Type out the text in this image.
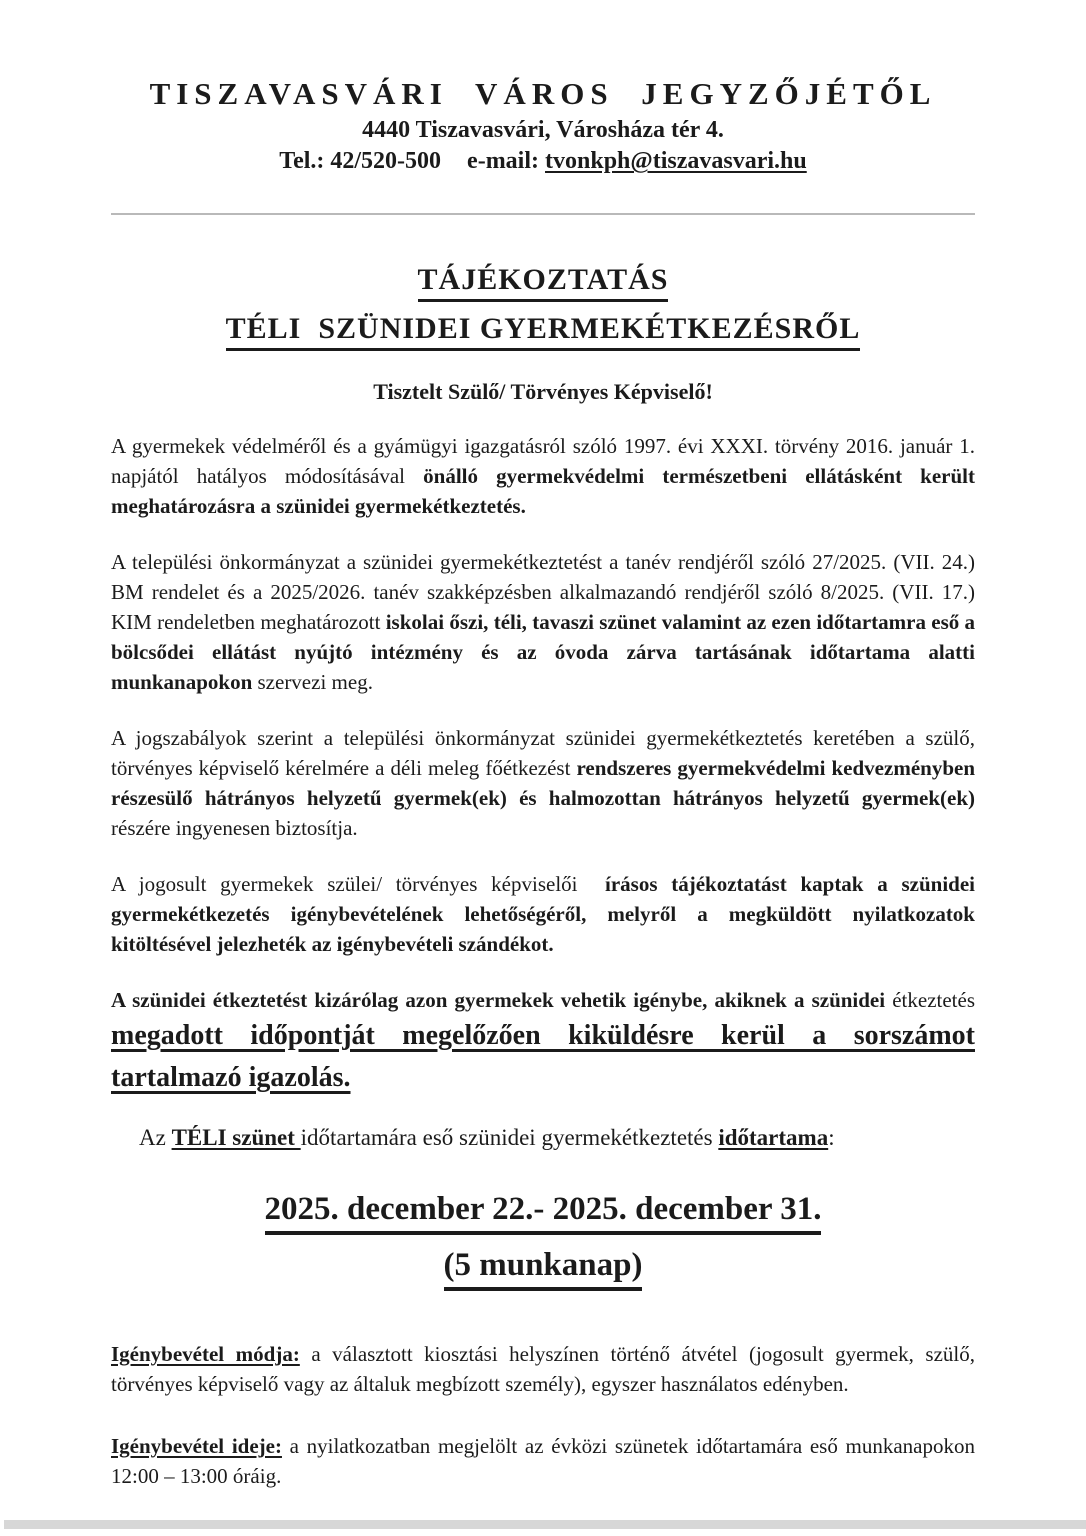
TISZAVASVÁRI VÁROS JEGYZŐJÉTŐL
4440 Tiszavasvári, Városháza tér 4.
Tel.: 42/520-500 e-mail: tvonkph@tiszavasvari.hu
TÁJÉKOZTATÁS
TÉLI  SZÜNIDEI GYERMEKÉTKEZÉSRŐL
Tisztelt Szülő/ Törvényes Képviselő!

A gyermekek védelméről és a gyámügyi igazgatásról szóló 1997. évi XXXI. törvény 2016. január 1. napjától hatályos módosításával önálló gyermekvédelmi természetbeni ellátásként került meghatározásra a szünidei gyermekétkeztetés.

A települési önkormányzat a szünidei gyermekétkeztetést a tanév rendjéről szóló 27/2025. (VII. 24.) BM rendelet és a 2025/2026. tanév szakképzésben alkalmazandó rendjéről szóló 8/2025. (VII. 17.) KIM rendeletben meghatározott iskolai őszi, téli, tavaszi szünet valamint az ezen időtartamra eső a bölcsődei ellátást nyújtó intézmény és az óvoda zárva tartásának időtartama alatti munkanapokon szervezi meg.

A jogszabályok szerint a települési önkormányzat szünidei gyermekétkeztetés keretében a szülő, törvényes képviselő kérelmére a déli meleg főétkezést rendszeres gyermekvédelmi kedvezményben részesülő hátrányos helyzetű gyermek(ek) és halmozottan hátrányos helyzetű gyermek(ek) részére ingyenesen biztosítja.

A jogosult gyermekek szülei/ törvényes képviselői  írásos tájékoztatást kaptak a szünidei gyermekétkezetés igénybevételének lehetőségéről, melyről a megküldött nyilatkozatok kitöltésével jelezheték az igénybevételi szándékot.

A szünidei étkeztetést kizárólag azon gyermekek vehetik igénybe, akiknek a szünidei étkeztetés megadott időpontját megelőzően kiküldésre kerül a sorszámot tartalmazó igazolás.

Az TÉLI szünet időtartamára eső szünidei gyermekétkeztetés időtartama:

2025. december 22.- 2025. december 31.
(5 munkanap)

Igénybevétel módja: a választott kiosztási helyszínen történő átvétel (jogosult gyermek, szülő, törvényes képviselő vagy az általuk megbízott személy), egyszer használatos edényben.

Igénybevétel ideje: a nyilatkozatban megjelölt az évközi szünetek időtartamára eső munkanapokon 12:00 – 13:00 óráig.
